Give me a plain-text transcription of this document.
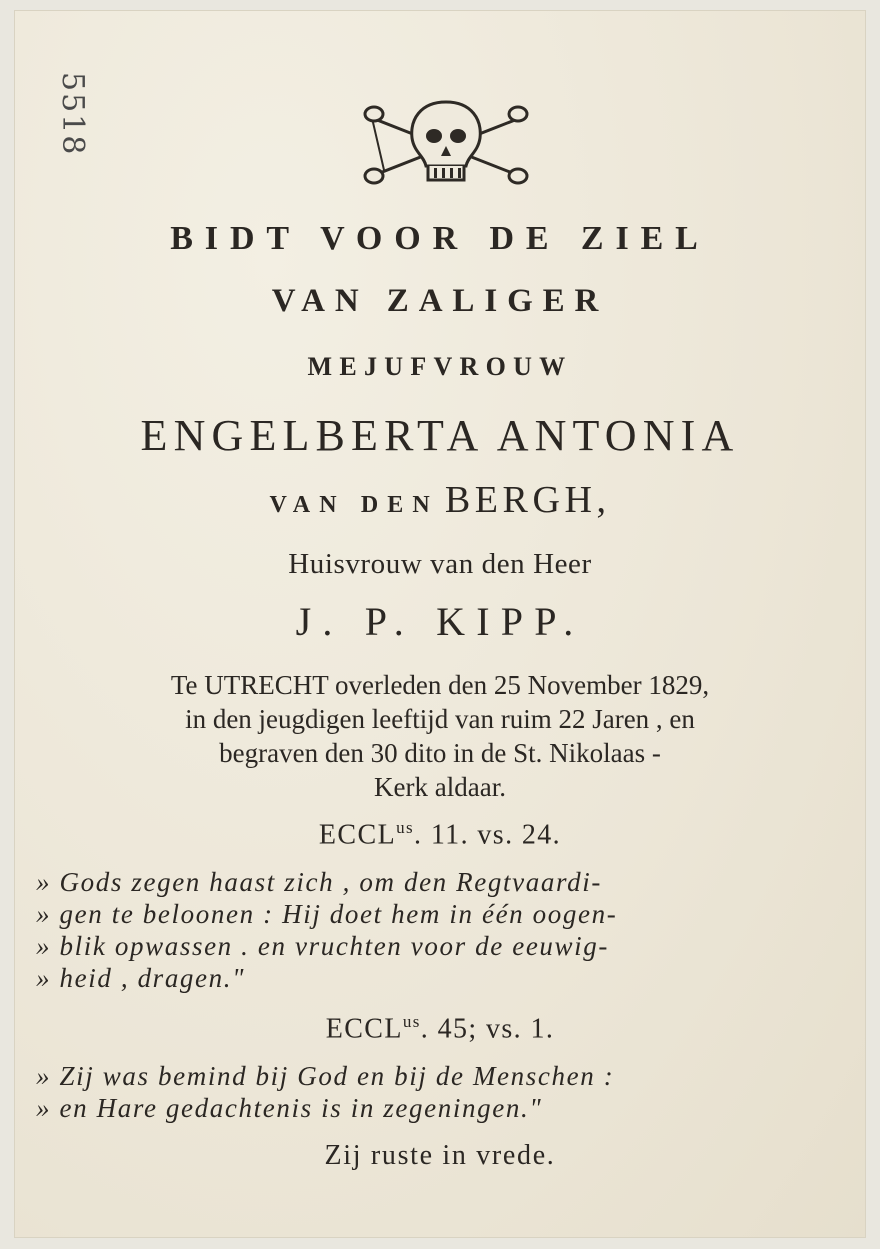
5518
BIDT VOOR DE ZIEL
VAN ZALIGER
MEJUFVROUW
ENGELBERTA ANTONIA
VAN DEN BERGH,
Huisvrouw van den Heer
J. P. KIPP.
Te UTRECHT overleden den 25 November 1829,
in den jeugdigen leeftijd van ruim 22 Jaren , en
begraven den 30 dito in de St. Nikolaas -
Kerk aldaar.
$ECCL^{us}$. 11. vs. 24.
» Gods zegen haast zich , om den Regtvaardi-
» gen te beloonen : Hij doet hem in één oogen-
» blik opwassen . en vruchten voor de eeuwig-
» heid , dragen."
$ECCL^{us}$. 45; vs. 1.
» Zij was bemind bij God en bij de Menschen :
» en Hare gedachtenis is in zegeningen."
Zij ruste in vrede.
